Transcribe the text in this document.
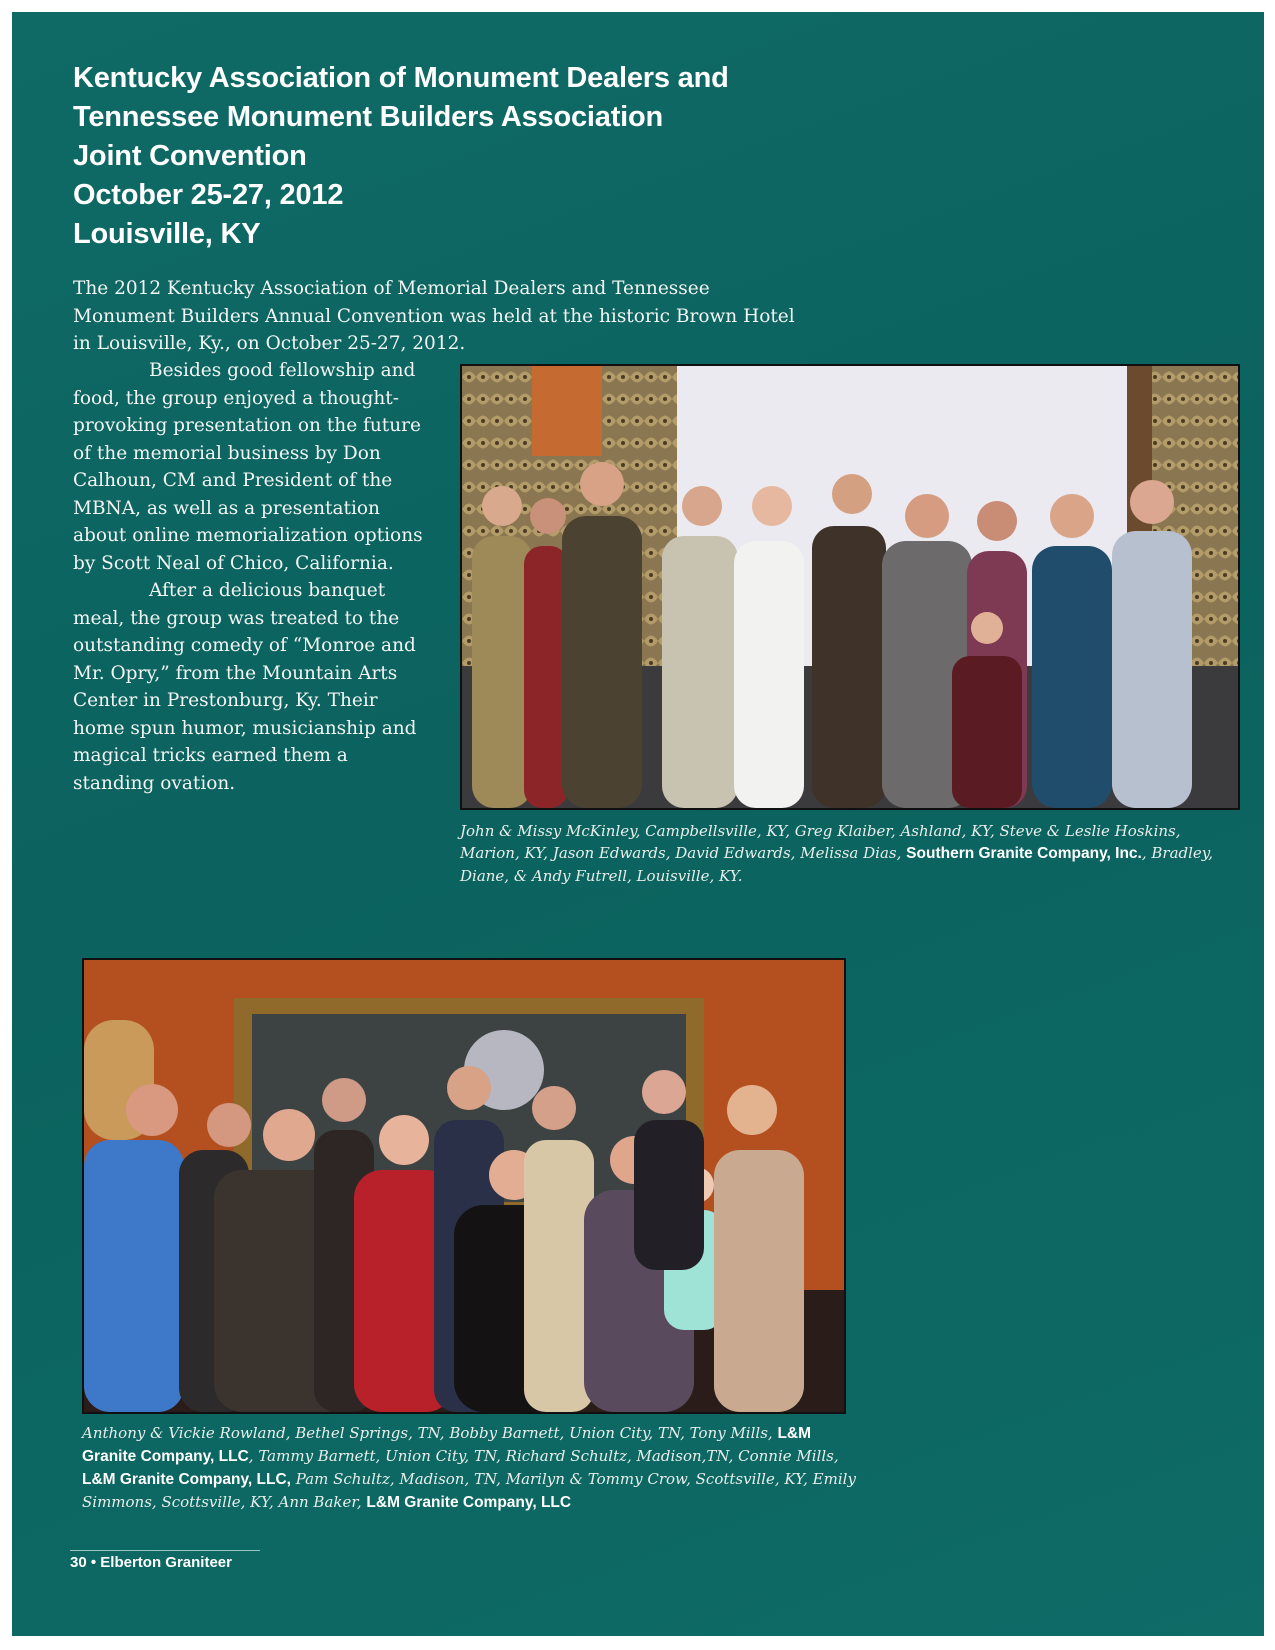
Kentucky Association of Monument Dealers and
Tennessee Monument Builders Association
Joint Convention
October 25-27, 2012
Louisville, KY

The 2012 Kentucky Association of Memorial Dealers and Tennessee Monument Builders Annual Convention was held at the historic Brown Hotel in Louisville, Ky., on October 25-27, 2012.

Besides good fellowship and food, the group enjoyed a thought-provoking presentation on the future of the memorial business by Don Calhoun, CM and President of the MBNA, as well as a presentation about online memorialization options by Scott Neal of Chico, California.

After a delicious banquet meal, the group was treated to the outstanding comedy of “Monroe and Mr. Opry,” from the Mountain Arts Center in Prestonburg, Ky. Their home spun humor, musicianship and magical tricks earned them a standing ovation.

John & Missy McKinley, Campbellsville, KY, Greg Klaiber, Ashland, KY, Steve & Leslie Hoskins, Marion, KY, Jason Edwards, David Edwards, Melissa Dias, Southern Granite Company, Inc., Bradley, Diane, & Andy Futrell, Louisville, KY.

Anthony & Vickie Rowland, Bethel Springs, TN, Bobby Barnett, Union City, TN, Tony Mills, L&M Granite Company, LLC, Tammy Barnett, Union City, TN, Richard Schultz, Madison,TN, Connie Mills, L&M Granite Company, LLC, Pam Schultz, Madison, TN, Marilyn & Tommy Crow, Scottsville, KY, Emily Simmons, Scottsville, KY, Ann Baker, L&M Granite Company, LLC

30 • Elberton Graniteer
